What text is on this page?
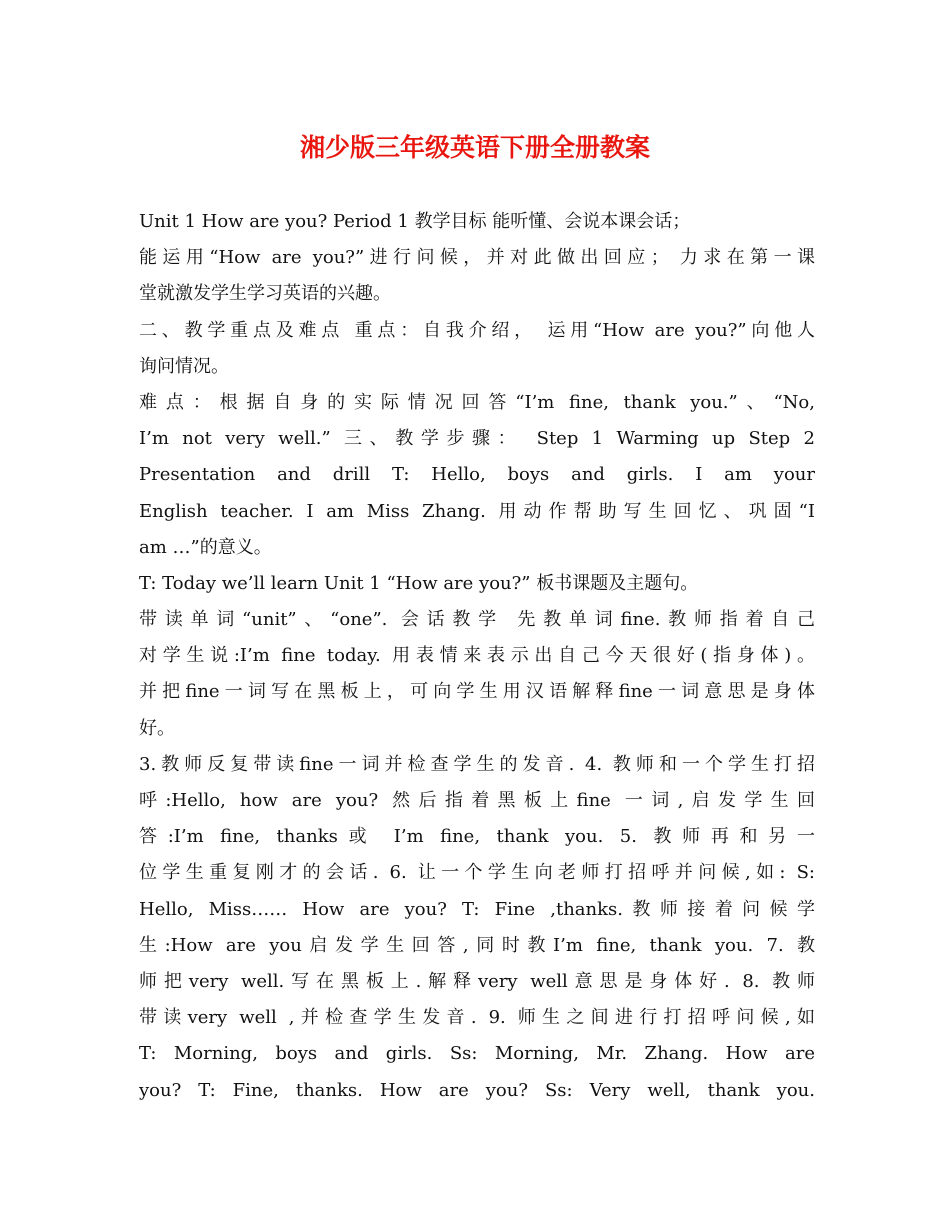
湘少版三年级英语下册全册教案
Unit 1 How are you? Period 1 教学目标 能听懂、会说本课会话；
能运用“How are you?”进行问候，并对此做出回应； 力求在第一课
堂就激发学生学习英语的兴趣。
二、教学重点及难点 重点：自我介绍， 运用“How are you?”向他人
询问情况。
难点：根据自身的实际情况回答“I’m fine, thank you.”、“No,
I’m not very well.” 三、教学步骤： Step 1 Warming up Step 2
Presentation and drill T: Hello, boys and girls. I am your
English teacher. I am Miss Zhang. 用动作帮助写生回忆、巩固“I
am …”的意义。
T: Today we’ll learn Unit 1 “How are you?” 板书课题及主题句。
带读单词“unit”、“one”. 会话教学 先教单词fine.教师指着自己
对学生说:I’m fine today. 用表情来表示出自己今天很好(指身体)。
并把fine一词写在黑板上，可向学生用汉语解释fine一词意思是身体
好。
3.教师反复带读fine一词并检查学生的发音. 4. 教师和一个学生打招
呼:Hello, how are you? 然后指着黑板上fine 一词,启发学生回
答:I’m fine, thanks或 I’m fine, thank you. 5. 教师再和另一
位学生重复刚才的会话. 6. 让一个学生向老师打招呼并问候,如: S:
Hello, Miss…… How are you? T: Fine ,thanks.教师接着问候学
生:How are you启发学生回答,同时教I’m fine, thank you. 7. 教
师把very well.写在黑板上.解释very well意思是身体好. 8. 教师
带读very well ,并检查学生发音. 9. 师生之间进行打招呼问候,如
T: Morning, boys and girls. Ss: Morning, Mr. Zhang. How are
you? T: Fine, thanks. How are you? Ss: Very well, thank you.
